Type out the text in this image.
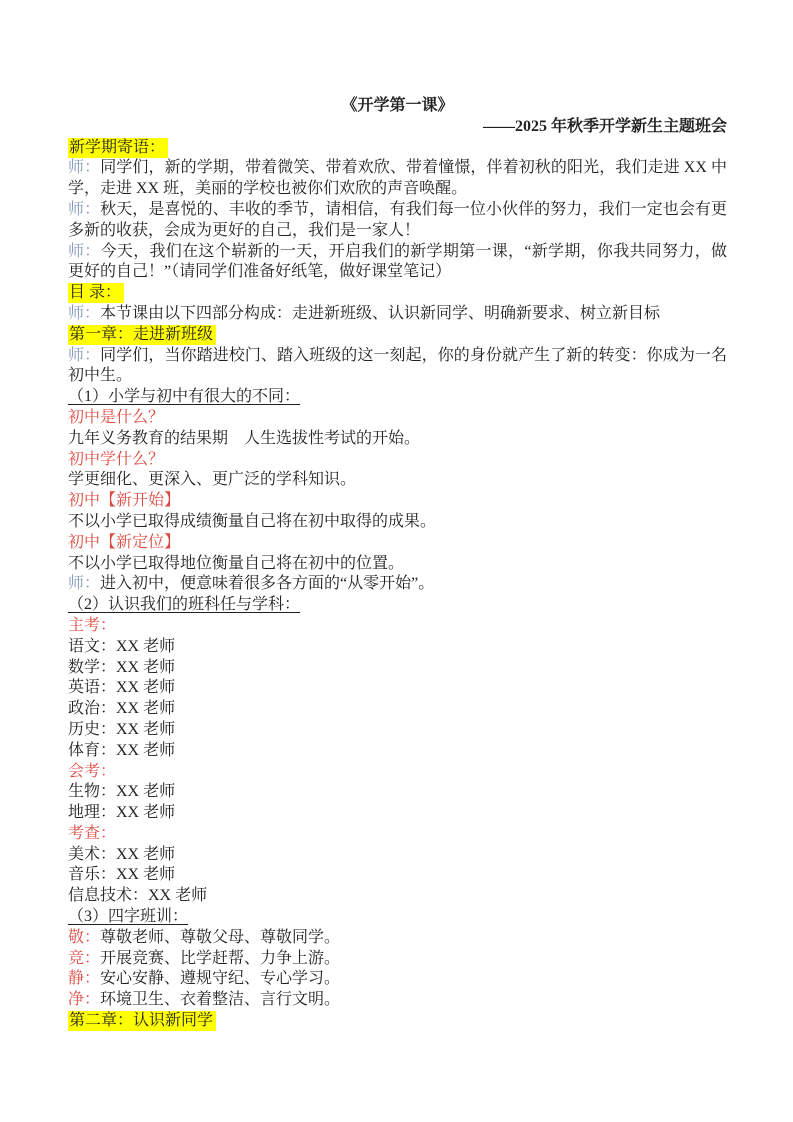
《开学第一课》
——2025 年秋季开学新生主题班会
新学期寄语：
师：同学们，新的学期，带着微笑、带着欢欣、带着憧憬，伴着初秋的阳光，我们走进 XX 中学，走进 XX 班，美丽的学校也被你们欢欣的声音唤醒。
师：秋天，是喜悦的、丰收的季节，请相信，有我们每一位小伙伴的努力，我们一定也会有更多新的收获，会成为更好的自己，我们是一家人！
师：今天，我们在这个崭新的一天，开启我们的新学期第一课，“新学期，你我共同努力，做更好的自己！”（请同学们准备好纸笔，做好课堂笔记）
目 录：
师：本节课由以下四部分构成：走进新班级、认识新同学、明确新要求、树立新目标
第一章：走进新班级
师：同学们，当你踏进校门、踏入班级的这一刻起，你的身份就产生了新的转变：你成为一名初中生。
（1）小学与初中有很大的不同：
初中是什么？
九年义务教育的结果期　人生选拔性考试的开始。
初中学什么？
学更细化、更深入、更广泛的学科知识。
初中【新开始】
不以小学已取得成绩衡量自己将在初中取得的成果。
初中【新定位】
不以小学已取得地位衡量自己将在初中的位置。
师：进入初中，便意味着很多各方面的“从零开始”。
（2）认识我们的班科任与学科：
主考：
语文：XX 老师
数学：XX 老师
英语：XX 老师
政治：XX 老师
历史：XX 老师
体育：XX 老师
会考：
生物：XX 老师
地理：XX 老师
考查：
美术：XX 老师
音乐：XX 老师
信息技术：XX 老师
（3）四字班训：
敬：尊敬老师、尊敬父母、尊敬同学。
竞：开展竞赛、比学赶帮、力争上游。
静：安心安静、遵规守纪、专心学习。
净：环境卫生、衣着整洁、言行文明。
第二章：认识新同学
